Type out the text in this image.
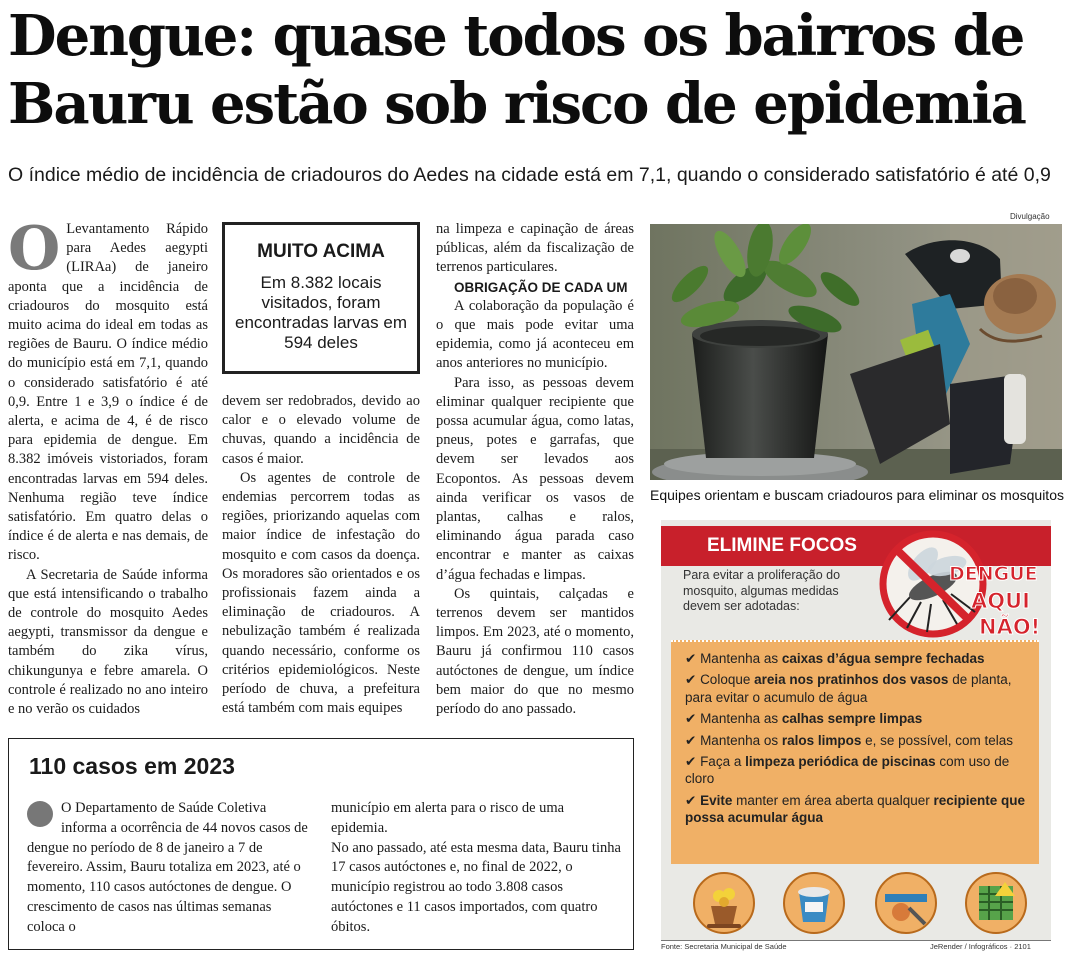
Dengue: quase todos os bairros de Bauru estão sob risco de epidemia

O índice médio de incidência de criadouros do Aedes na cidade está em 7,1, quando o considerado satisfatório é até 0,9

O Levantamento Rápido para Aedes aegypti (LIRAa) de janeiro aponta que a incidência de criadouros do mosquito está muito acima do ideal em todas as regiões de Bauru. O índice médio do município está em 7,1, quando o considerado satisfatório é até 0,9. Entre 1 e 3,9 o índice é de alerta, e acima de 4, é de risco para epidemia de dengue. Em 8.382 imóveis vistoriados, foram encontradas larvas em 594 deles. Nenhuma região teve índice satisfatório. Em quatro delas o índice é de alerta e nas demais, de risco.

A Secretaria de Saúde informa que está intensificando o trabalho de controle do mosquito Aedes aegypti, transmissor da dengue e também do zika vírus, chikungunya e febre amarela. O controle é realizado no ano inteiro e no verão os cuidados

MUITO ACIMA
Em 8.382 locais visitados, foram encontradas larvas em 594 deles

devem ser redobrados, devido ao calor e o elevado volume de chuvas, quando a incidência de casos é maior.

Os agentes de controle de endemias percorrem todas as regiões, priorizando aquelas com maior índice de infestação do mosquito e com casos da doença. Os moradores são orientados e os profissionais fazem ainda a eliminação de criadouros. A nebulização também é realizada quando necessário, conforme os critérios epidemiológicos. Neste período de chuva, a prefeitura está também com mais equipes

na limpeza e capinação de áreas públicas, além da fiscalização de terrenos particulares.

OBRIGAÇÃO DE CADA UM

A colaboração da população é o que mais pode evitar uma epidemia, como já aconteceu em anos anteriores no município.

Para isso, as pessoas devem eliminar qualquer recipiente que possa acumular água, como latas, pneus, potes e garrafas, que devem ser levados aos Ecopontos. As pessoas devem ainda verificar os vasos de plantas, calhas e ralos, eliminando água parada caso encontrar e manter as caixas d’água fechadas e limpas.

Os quintais, calçadas e terrenos devem ser mantidos limpos. Em 2023, até o momento, Bauru já confirmou 110 casos autóctones de dengue, um índice bem maior do que no mesmo período do ano passado.

Divulgação
Equipes orientam e buscam criadouros para eliminar os mosquitos
110 casos em 2023

O Departamento de Saúde Coletiva informa a ocorrência de 44 novos casos de dengue no período de 8 de janeiro a 7 de fevereiro. Assim, Bauru totaliza em 2023, até o momento, 110 casos autóctones de dengue. O crescimento de casos nas últimas semanas coloca o

município em alerta para o risco de uma epidemia.

No ano passado, até esta mesma data, Bauru tinha 17 casos autóctones e, no final de 2022, o município registrou ao todo 3.808 casos autóctones e 11 casos importados, com quatro óbitos.

ELIMINE FOCOS

Para evitar a proliferação do mosquito, algumas medidas devem ser adotadas:

DENGUE
AQUI
NÃO!
✔ Mantenha as caixas d’água sempre fechadas
✔ Coloque areia nos pratinhos dos vasos de planta, para evitar o acumulo de água
✔ Mantenha as calhas sempre limpas
✔ Mantenha os ralos limpos e, se possível, com telas
✔ Faça a limpeza periódica de piscinas com uso de cloro
✔ Evite manter em área aberta qualquer recipiente que possa acumular água
Fonte: Secretaria Municipal de Saúde	JeRender / Infográficos · 2101
